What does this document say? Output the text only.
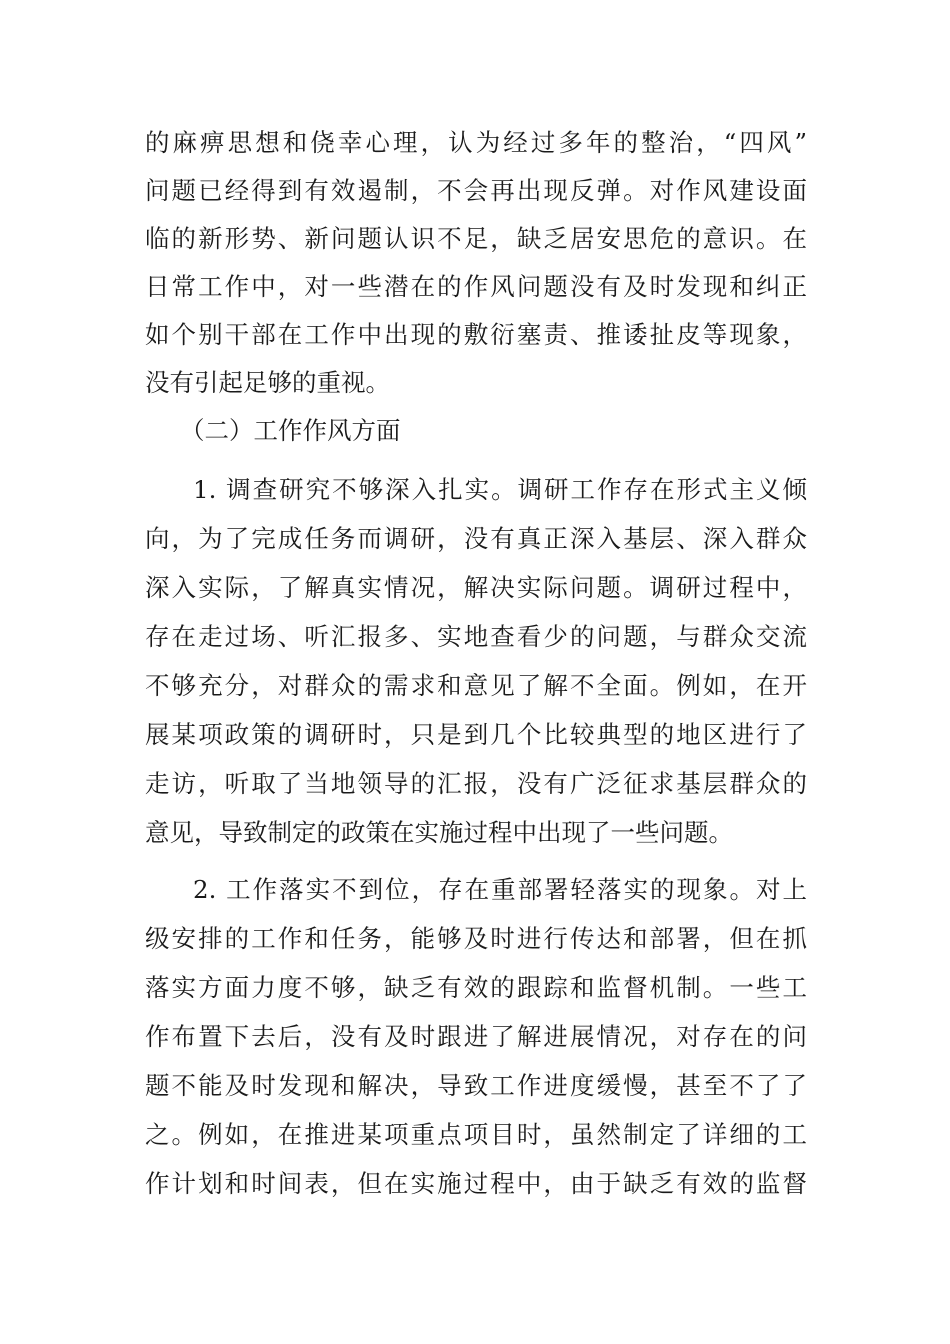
的麻痹思想和侥幸心理，认为经过多年的整治，“四风”
问题已经得到有效遏制，不会再出现反弹。对作风建设面
临的新形势、新问题认识不足，缺乏居安思危的意识。在
日常工作中，对一些潜在的作风问题没有及时发现和纠正
如个别干部在工作中出现的敷衍塞责、推诿扯皮等现象，
没有引起足够的重视。
（二）工作作风方面
1. 调查研究不够深入扎实。调研工作存在形式主义倾
向，为了完成任务而调研，没有真正深入基层、深入群众
深入实际，了解真实情况，解决实际问题。调研过程中，
存在走过场、听汇报多、实地查看少的问题，与群众交流
不够充分，对群众的需求和意见了解不全面。例如，在开
展某项政策的调研时，只是到几个比较典型的地区进行了
走访，听取了当地领导的汇报，没有广泛征求基层群众的
意见，导致制定的政策在实施过程中出现了一些问题。
2. 工作落实不到位，存在重部署轻落实的现象。对上
级安排的工作和任务，能够及时进行传达和部署，但在抓
落实方面力度不够，缺乏有效的跟踪和监督机制。一些工
作布置下去后，没有及时跟进了解进展情况，对存在的问
题不能及时发现和解决，导致工作进度缓慢，甚至不了了
之。例如，在推进某项重点项目时，虽然制定了详细的工
作计划和时间表，但在实施过程中，由于缺乏有效的监督
